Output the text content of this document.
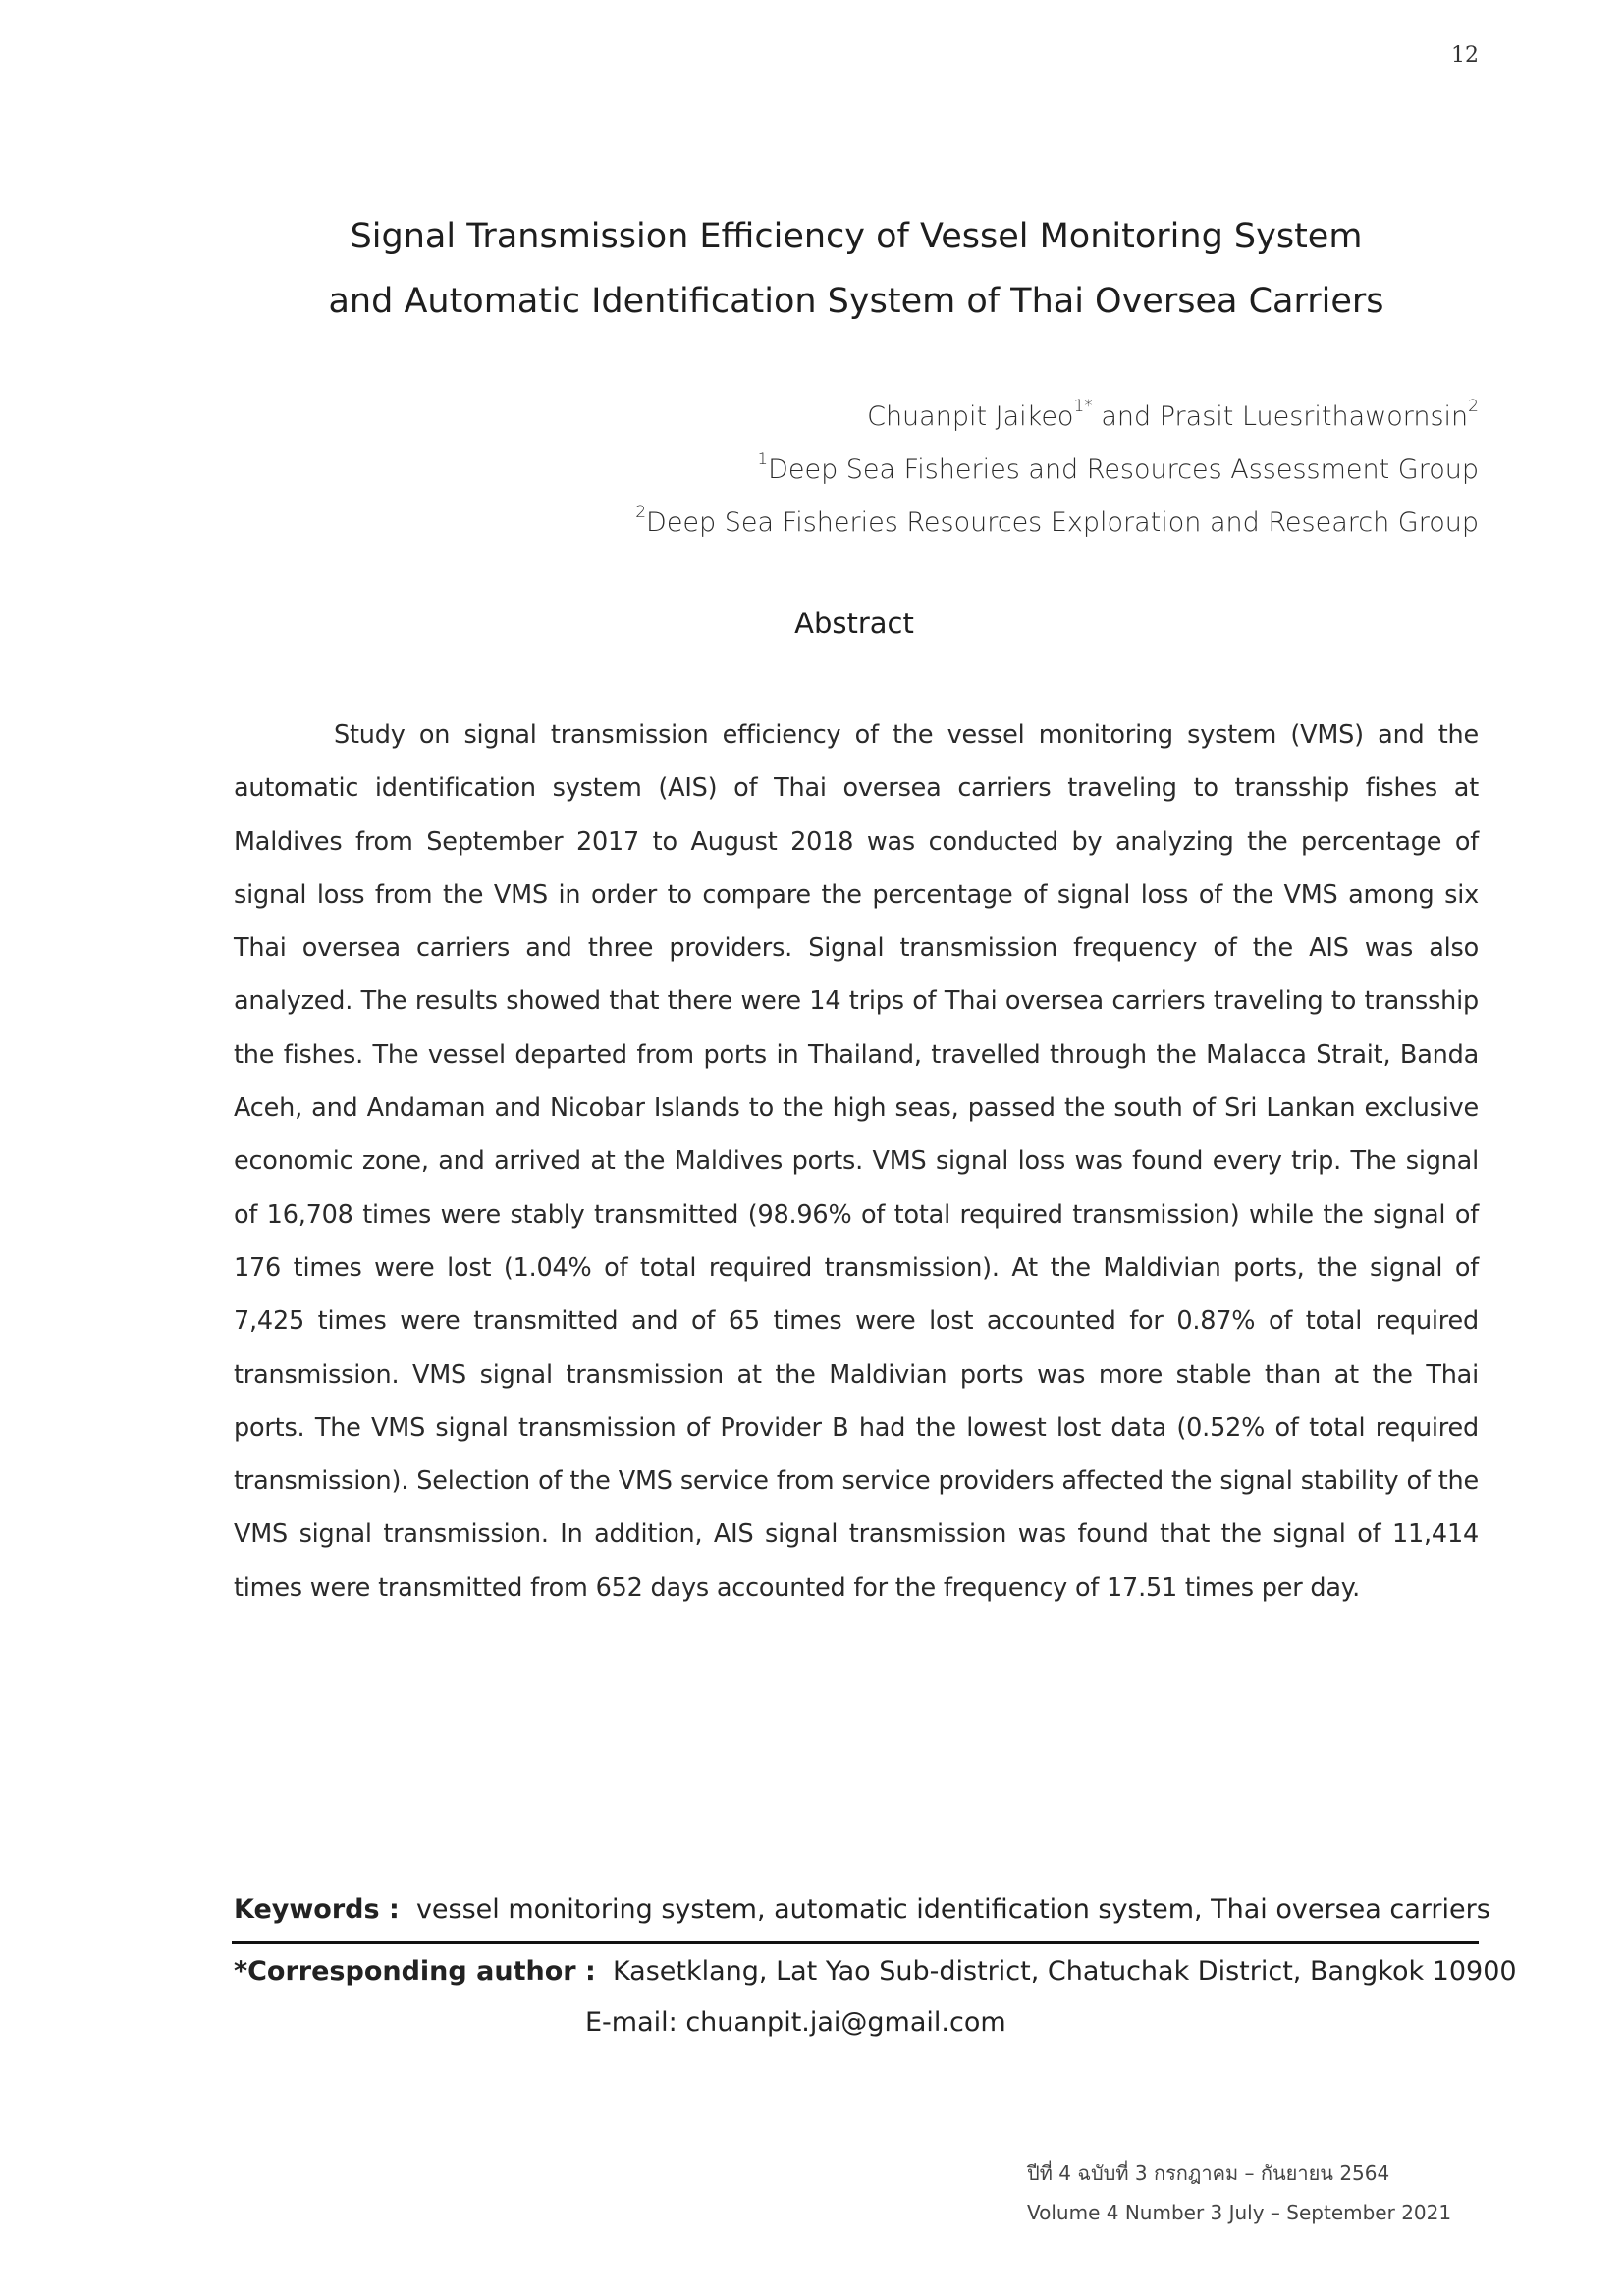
12
Signal Transmission Efficiency of Vessel Monitoring System
and Automatic Identification System of Thai Oversea Carriers
Chuanpit Jaikeo$^{1*}$ and Prasit Luesrithawornsin$^2$
$^1$Deep Sea Fisheries and Resources Assessment Group
$^2$Deep Sea Fisheries Resources Exploration and Research Group
Abstract
Study on signal transmission efficiency of the vessel monitoring system (VMS) and the automatic identification system (AIS) of Thai oversea carriers traveling to transship fishes at Maldives from September 2017 to August 2018 was conducted by analyzing the percentage of signal loss from the VMS in order to compare the percentage of signal loss of the VMS among six Thai oversea carriers and three providers. Signal transmission frequency of the AIS was also analyzed. The results showed that there were 14 trips of Thai oversea carriers traveling to transship the fishes. The vessel departed from ports in Thailand, travelled through the Malacca Strait, Banda Aceh, and Andaman and Nicobar Islands to the high seas, passed the south of Sri Lankan exclusive economic zone, and arrived at the Maldives ports. VMS signal loss was found every trip. The signal of 16,708 times were stably transmitted (98.96% of total required transmission) while the signal of 176 times were lost (1.04% of total required transmission). At the Maldivian ports, the signal of 7,425 times were transmitted and of 65 times were lost accounted for 0.87% of total required transmission. VMS signal transmission at the Maldivian ports was more stable than at the Thai ports. The VMS signal transmission of Provider B had the lowest lost data (0.52% of total required transmission). Selection of the VMS service from service providers affected the signal stability of the VMS signal transmission. In addition, AIS signal transmission was found that the signal of 11,414 times were transmitted from 652 days accounted for the frequency of 17.51 times per day.
Keywords : vessel monitoring system, automatic identification system, Thai oversea carriers
*Corresponding author : Kasetklang, Lat Yao Sub-district, Chatuchak District, Bangkok 10900
E-mail: chuanpit.jai@gmail.com
ปีที่ 4 ฉบับที่ 3 กรกฎาคม – กันยายน 2564
Volume 4 Number 3 July – September 2021
